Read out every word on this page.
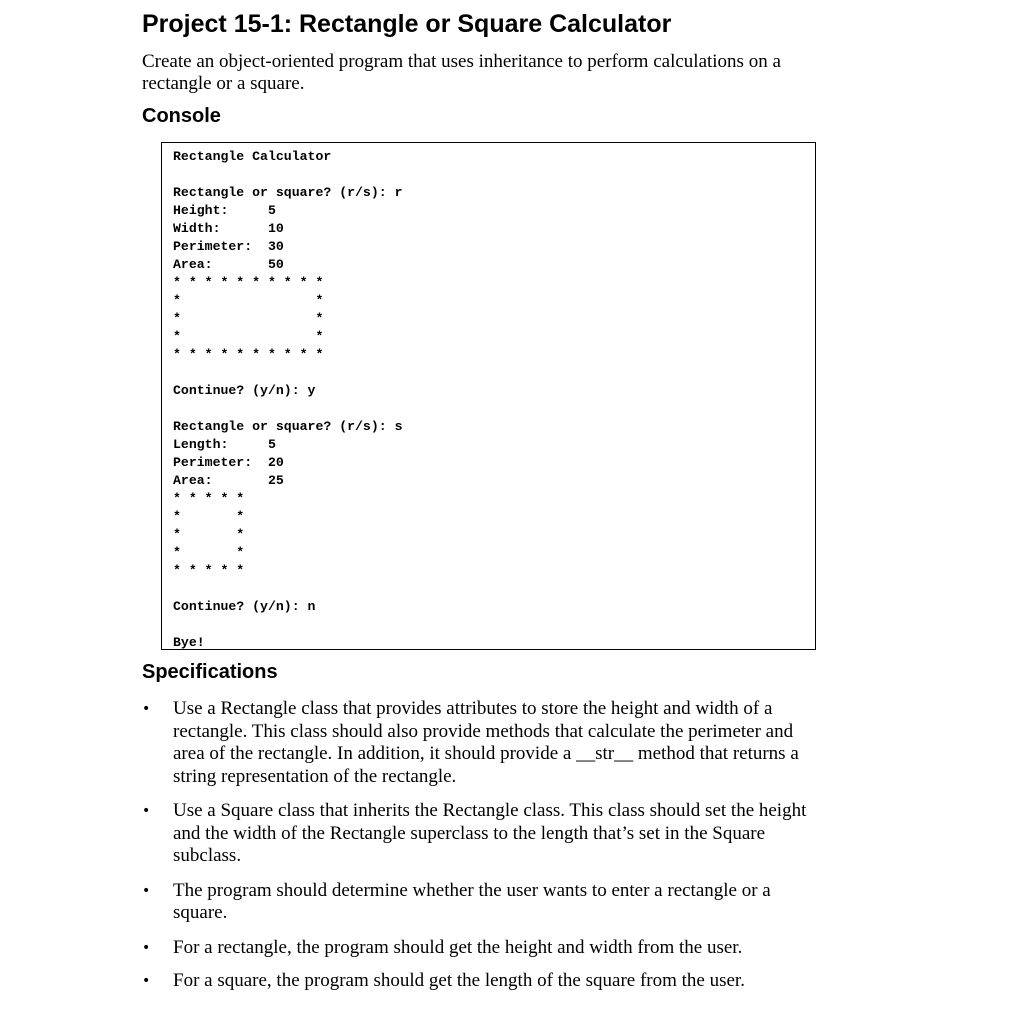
Project 15-1: Rectangle or Square Calculator

Create an object-oriented program that uses inheritance to perform calculations on a rectangle or a square.

Console
Rectangle Calculator
Rectangle or square? (r/s): r
Height:     5
Width:      10
Perimeter:  30
Area:       50
* * * * * * * * * *
*                 *
*                 *
*                 *
* * * * * * * * * *
Continue? (y/n): y
Rectangle or square? (r/s): s
Length:     5
Perimeter:  20
Area:       25
* * * * *
*       *
*       *
*       *
* * * * *
Continue? (y/n): n
Bye!
Specifications
• Use a Rectangle class that provides attributes to store the height and width of a rectangle. This class should also provide methods that calculate the perimeter and area of the rectangle. In addition, it should provide a __str__ method that returns a string representation of the rectangle.
• Use a Square class that inherits the Rectangle class. This class should set the height and the width of the Rectangle superclass to the length that’s set in the Square subclass.
• The program should determine whether the user wants to enter a rectangle or a square.
• For a rectangle, the program should get the height and width from the user.
• For a square, the program should get the length of the square from the user.
